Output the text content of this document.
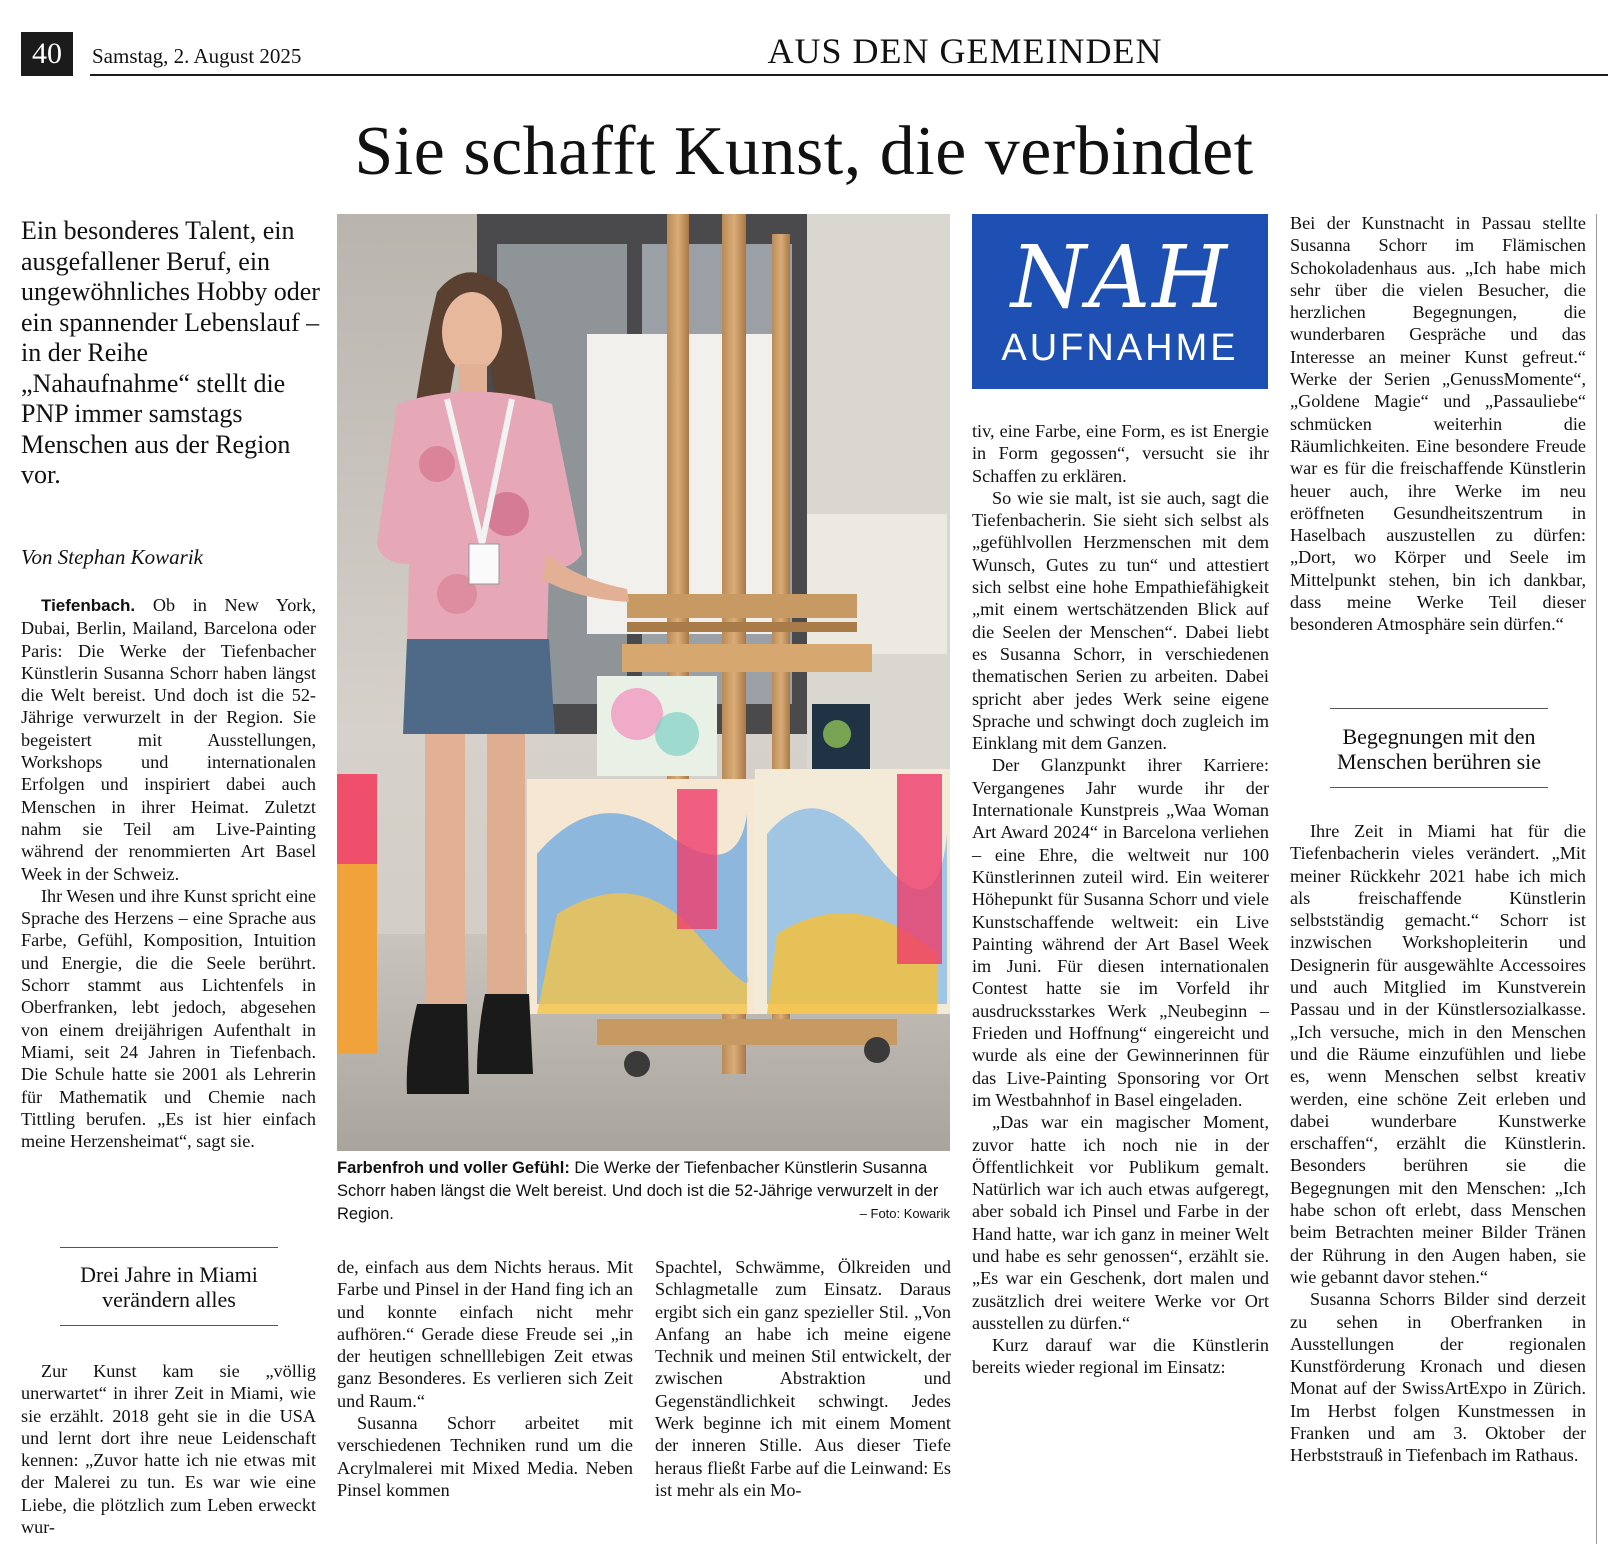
40	Samstag, 2. August 2025	AUS DEN GEMEINDEN
Sie schafft Kunst, die verbindet
Ein besonderes Talent, ein ausgefallener Beruf, ein ungewöhnliches Hobby oder ein spannender Lebenslauf – in der Reihe „Nahaufnahme“ stellt die PNP immer samstags Menschen aus der Region vor.
Von Stephan Kowarik

Tiefenbach. Ob in New York, Dubai, Berlin, Mailand, Barcelona oder Paris: Die Werke der Tiefenbacher Künstlerin Susanna Schorr haben längst die Welt bereist. Und doch ist die 52-Jährige verwurzelt in der Region. Sie begeistert mit Ausstellungen, Workshops und internationalen Erfolgen und inspiriert dabei auch Menschen in ihrer Heimat. Zuletzt nahm sie Teil am Live-Painting während der renommierten Art Basel Week in der Schweiz.

Ihr Wesen und ihre Kunst spricht eine Sprache des Herzens – eine Sprache aus Farbe, Gefühl, Komposition, Intuition und Energie, die die Seele berührt. Schorr stammt aus Lichtenfels in Oberfranken, lebt jedoch, abgesehen von einem dreijährigen Aufenthalt in Miami, seit 24 Jahren in Tiefenbach. Die Schule hatte sie 2001 als Lehrerin für Mathematik und Chemie nach Tittling berufen. „Es ist hier einfach meine Herzensheimat“, sagt sie.

Drei Jahre in Miami verändern alles

Zur Kunst kam sie „völlig unerwartet“ in ihrer Zeit in Miami, wie sie erzählt. 2018 geht sie in die USA und lernt dort ihre neue Leidenschaft kennen: „Zuvor hatte ich nie etwas mit der Malerei zu tun. Es war wie eine Liebe, die plötzlich zum Leben erweckt wur-

Farbenfroh und voller Gefühl: Die Werke der Tiefenbacher Künstlerin Susanna Schorr haben längst die Welt bereist. Und doch ist die 52-Jährige verwurzelt in der Region.	– Foto: Kowarik

de, einfach aus dem Nichts heraus. Mit Farbe und Pinsel in der Hand fing ich an und konnte einfach nicht mehr aufhören.“ Gerade diese Freude sei „in der heutigen schnelllebigen Zeit etwas ganz Besonderes. Es verlieren sich Zeit und Raum.“

Susanna Schorr arbeitet mit verschiedenen Techniken rund um die Acrylmalerei mit Mixed Media. Neben Pinsel kommen

Spachtel, Schwämme, Ölkreiden und Schlagmetalle zum Einsatz. Daraus ergibt sich ein ganz spezieller Stil. „Von Anfang an habe ich meine eigene Technik und meinen Stil entwickelt, der zwischen Abstraktion und Gegenständlichkeit schwingt. Jedes Werk beginne ich mit einem Moment der inneren Stille. Aus dieser Tiefe heraus fließt Farbe auf die Leinwand: Es ist mehr als ein Mo-

NAH
AUFNAHME

tiv, eine Farbe, eine Form, es ist Energie in Form gegossen“, versucht sie ihr Schaffen zu erklären.

So wie sie malt, ist sie auch, sagt die Tiefenbacherin. Sie sieht sich selbst als „gefühlvollen Herzmenschen mit dem Wunsch, Gutes zu tun“ und attestiert sich selbst eine hohe Empathiefähigkeit „mit einem wertschätzenden Blick auf die Seelen der Menschen“. Dabei liebt es Susanna Schorr, in verschiedenen thematischen Serien zu arbeiten. Dabei spricht aber jedes Werk seine eigene Sprache und schwingt doch zugleich im Einklang mit dem Ganzen.

Der Glanzpunkt ihrer Karriere: Vergangenes Jahr wurde ihr der Internationale Kunstpreis „Waa Woman Art Award 2024“ in Barcelona verliehen – eine Ehre, die weltweit nur 100 Künstlerinnen zuteil wird. Ein weiterer Höhepunkt für Susanna Schorr und viele Kunstschaffende weltweit: ein Live Painting während der Art Basel Week im Juni. Für diesen internationalen Contest hatte sie im Vorfeld ihr ausdrucksstarkes Werk „Neubeginn – Frieden und Hoffnung“ eingereicht und wurde als eine der Gewinnerinnen für das Live-Painting Sponsoring vor Ort im Westbahnhof in Basel eingeladen.

„Das war ein magischer Moment, zuvor hatte ich noch nie in der Öffentlichkeit vor Publikum gemalt. Natürlich war ich auch etwas aufgeregt, aber sobald ich Pinsel und Farbe in der Hand hatte, war ich ganz in meiner Welt und habe es sehr genossen“, erzählt sie. „Es war ein Geschenk, dort malen und zusätzlich drei weitere Werke vor Ort ausstellen zu dürfen.“

Kurz darauf war die Künstlerin bereits wieder regional im Einsatz:

Bei der Kunstnacht in Passau stellte Susanna Schorr im Flämischen Schokoladenhaus aus. „Ich habe mich sehr über die vielen Besucher, die herzlichen Begegnungen, die wunderbaren Gespräche und das Interesse an meiner Kunst gefreut.“ Werke der Serien „GenussMomente“, „Goldene Magie“ und „Passauliebe“ schmücken weiterhin die Räumlichkeiten. Eine besondere Freude war es für die freischaffende Künstlerin heuer auch, ihre Werke im neu eröffneten Gesundheitszentrum in Haselbach auszustellen zu dürfen: „Dort, wo Körper und Seele im Mittelpunkt stehen, bin ich dankbar, dass meine Werke Teil dieser besonderen Atmosphäre sein dürfen.“

Begegnungen mit den Menschen berühren sie

Ihre Zeit in Miami hat für die Tiefenbacherin vieles verändert. „Mit meiner Rückkehr 2021 habe ich mich als freischaffende Künstlerin selbstständig gemacht.“ Schorr ist inzwischen Workshopleiterin und Designerin für ausgewählte Accessoires und auch Mitglied im Kunstverein Passau und in der Künstlersozialkasse. „Ich versuche, mich in den Menschen und die Räume einzufühlen und liebe es, wenn Menschen selbst kreativ werden, eine schöne Zeit erleben und dabei wunderbare Kunstwerke erschaffen“, erzählt die Künstlerin. Besonders berühren sie die Begegnungen mit den Menschen: „Ich habe schon oft erlebt, dass Menschen beim Betrachten meiner Bilder Tränen der Rührung in den Augen haben, sie wie gebannt davor stehen.“

Susanna Schorrs Bilder sind derzeit zu sehen in Oberfranken in Ausstellungen der regionalen Kunstförderung Kronach und diesen Monat auf der SwissArtExpo in Zürich. Im Herbst folgen Kunstmessen in Franken und am 3. Oktober der Herbststrauß in Tiefenbach im Rathaus.
